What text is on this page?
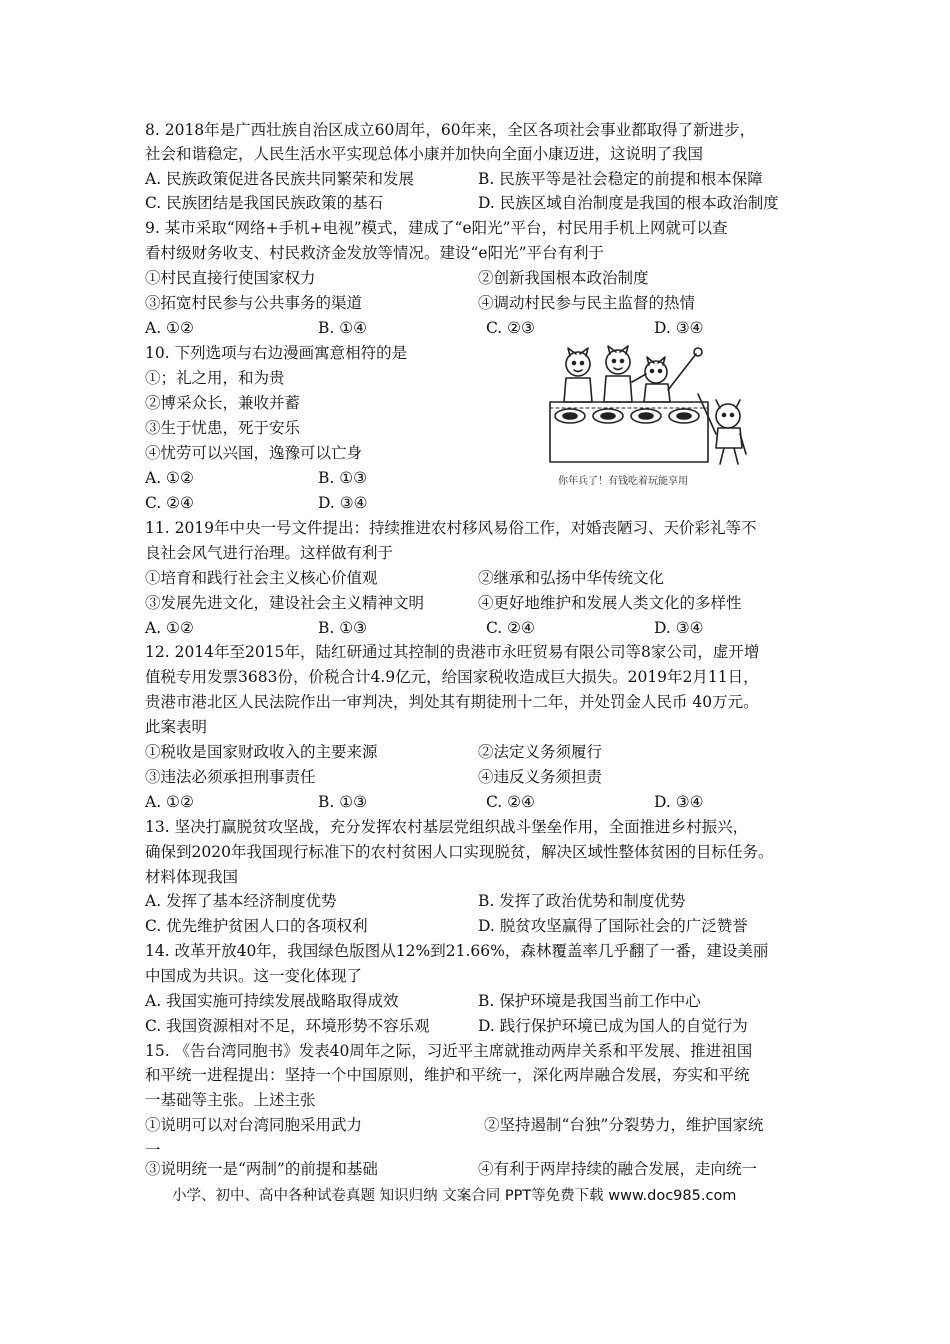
8. 2018年是广西壮族自治区成立60周年，60年来，全区各项社会事业都取得了新进步，
社会和谐稳定，人民生活水平实现总体小康并加快向全面小康迈进，这说明了我国
A. 民族政策促进各民族共同繁荣和发展	B. 民族平等是社会稳定的前提和根本保障
C. 民族团结是我国民族政策的基石	D. 民族区域自治制度是我国的根本政治制度
9. 某市采取“网络+手机+电视”模式，建成了“e阳光”平台，村民用手机上网就可以查
看村级财务收支、村民救济金发放等情况。建设“e阳光”平台有利于
①村民直接行使国家权力	②创新我国根本政治制度
③拓宽村民参与公共事务的渠道	④调动村民参与民主监督的热情
A. ①②	B. ①④	C. ②③	D. ③④
10. 下列选项与右边漫画寓意相符的是
①；礼之用，和为贵
②博采众长，兼收并蓄
③生于忧患，死于安乐
④忧劳可以兴国，逸豫可以亡身
A. ①②	B. ①③
C. ②④	D. ③④
你年兵了！有钱吃着玩能享用
11. 2019年中央一号文件提出：持续推进农村移风易俗工作，对婚丧陋习、天价彩礼等不
良社会风气进行治理。这样做有利于
①培育和践行社会主义核心价值观	②继承和弘扬中华传统文化
③发展先进文化，建设社会主义精神文明	④更好地维护和发展人类文化的多样性
A. ①②	B. ①③	C. ②④	D. ③④
12. 2014年至2015年，陆红研通过其控制的贵港市永旺贸易有限公司等8家公司，虚开增
值税专用发票3683份，价税合计4.9亿元，给国家税收造成巨大损失。2019年2月11日，
贵港市港北区人民法院作出一审判决，判处其有期徒刑十二年，并处罚金人民币 40万元。
此案表明
①税收是国家财政收入的主要来源	②法定义务须履行
③违法必须承担刑事责任	④违反义务须担责
A. ①②	B. ①③	C. ②④	D. ③④
13. 坚决打赢脱贫攻坚战，充分发挥农村基层党组织战斗堡垒作用，全面推进乡村振兴，
确保到2020年我国现行标准下的农村贫困人口实现脱贫，解决区域性整体贫困的目标任务。
材料体现我国
A. 发挥了基本经济制度优势	B. 发挥了政治优势和制度优势
C. 优先维护贫困人口的各项权利	D. 脱贫攻坚赢得了国际社会的广泛赞誉
14. 改革开放40年，我国绿色版图从12%到21.66%，森林覆盖率几乎翻了一番，建设美丽
中国成为共识。这一变化体现了
A. 我国实施可持续发展战略取得成效	B. 保护环境是我国当前工作中心
C. 我国资源相对不足，环境形势不容乐观	D. 践行保护环境已成为国人的自觉行为
15. 《告台湾同胞书》发表40周年之际，习近平主席就推动两岸关系和平发展、推进祖国
和平统一进程提出：坚持一个中国原则，维护和平统一，深化两岸融合发展，夯实和平统
一基础等主张。上述主张
①说明可以对台湾同胞采用武力	②坚持遏制“台独”分裂势力，维护国家统
一
③说明统一是“两制”的前提和基础	④有利于两岸持续的融合发展，走向统一
小学、初中、高中各种试卷真题 知识归纳 文案合同 PPT等免费下载 www.doc985.com
